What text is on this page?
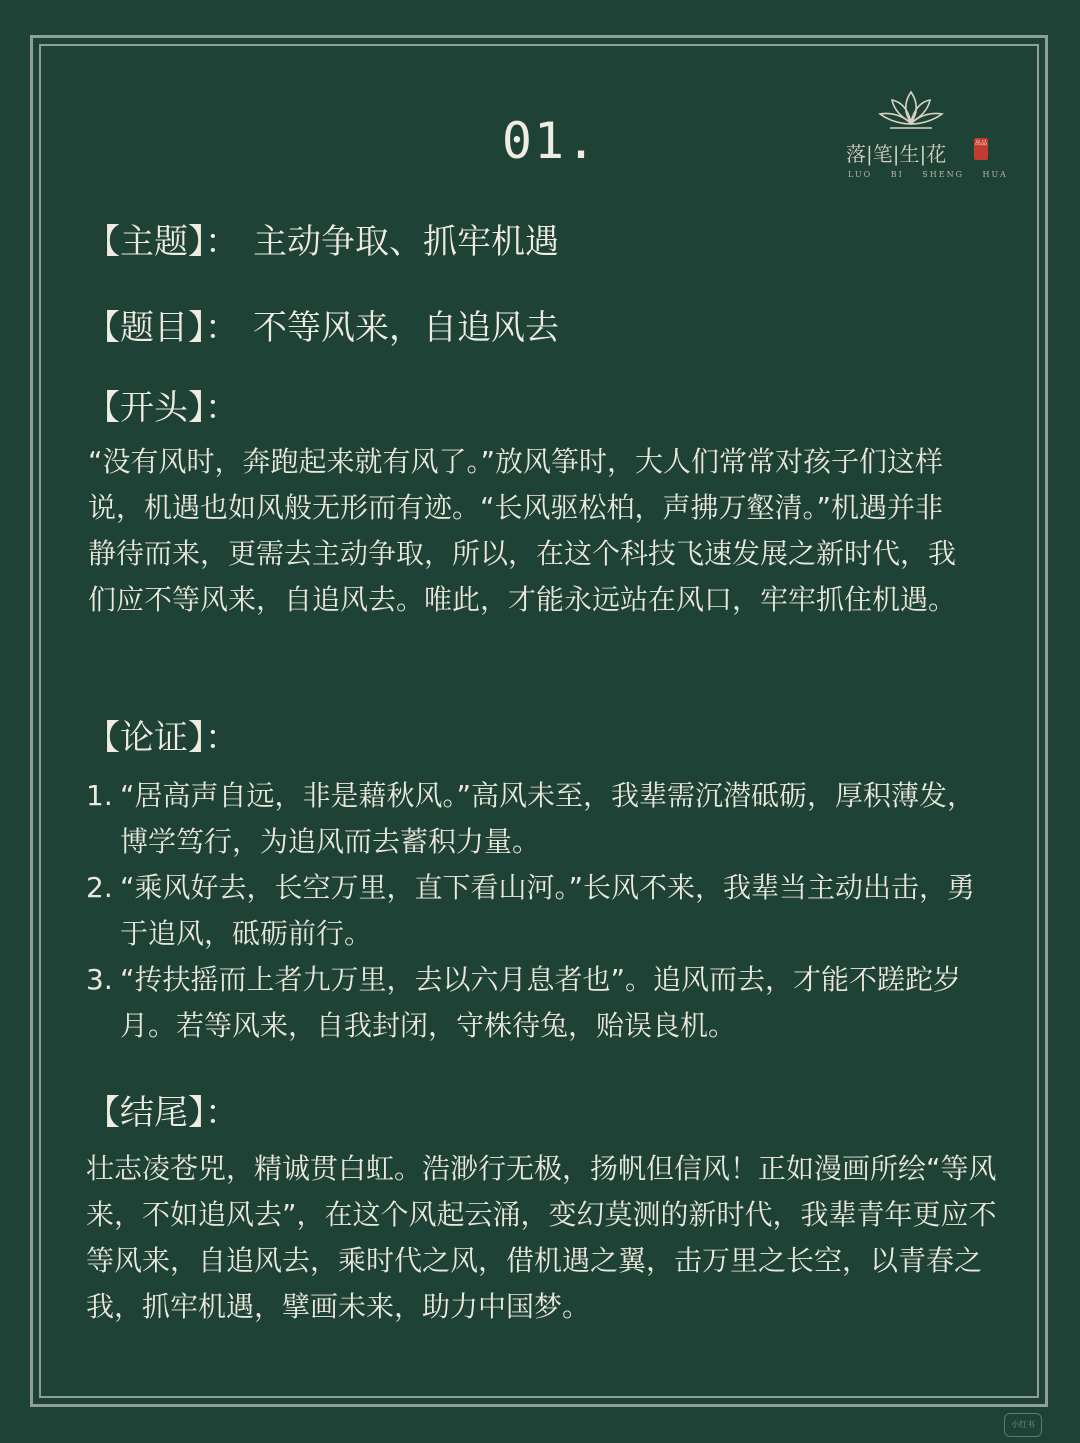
01.	落|笔|生|花	出品
LUO BI SHENG HUA
【主题】： 主动争取、抓牢机遇
【题目】： 不等风来，自追风去
【开头】：

“没有风时，奔跑起来就有风了。”放风筝时，大人们常常对孩子们这样说，机遇也如风般无形而有迹。“长风驱松柏，声拂万壑清。”机遇并非静待而来，更需去主动争取，所以，在这个科技飞速发展之新时代，我们应不等风来，自追风去。唯此，才能永远站在风口，牢牢抓住机遇。

【论证】：
1. “居高声自远，非是藉秋风。”高风未至，我辈需沉潜砥砺，厚积薄发，博学笃行，为追风而去蓄积力量。
2. “乘风好去，长空万里，直下看山河。”长风不来，我辈当主动出击，勇于追风，砥砺前行。
3. “抟扶摇而上者九万里，去以六月息者也”。追风而去，才能不蹉跎岁月。若等风来，自我封闭，守株待兔，贻误良机。
【结尾】：

壮志凌苍兕，精诚贯白虹。浩渺行无极，扬帆但信风！正如漫画所绘“等风来，不如追风去”，在这个风起云涌，变幻莫测的新时代，我辈青年更应不等风来，自追风去，乘时代之风，借机遇之翼，击万里之长空，以青春之我，抓牢机遇，擘画未来，助力中国梦。

小红书
